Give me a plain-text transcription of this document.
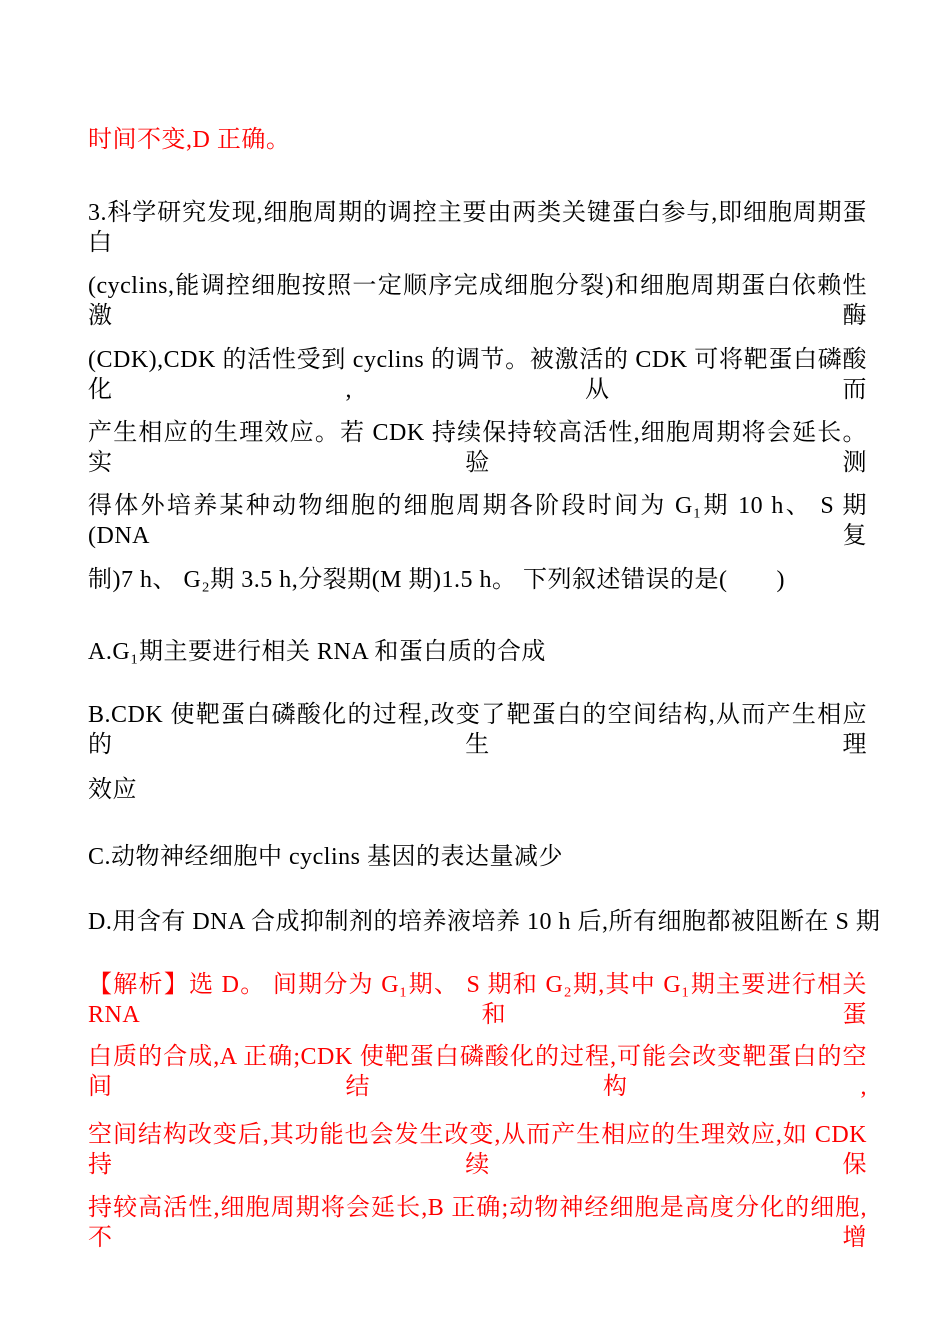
时间不变,D 正确。
3.科学研究发现,细胞周期的调控主要由两类关键蛋白参与,即细胞周期蛋白
(cyclins,能调控细胞按照一定顺序完成细胞分裂)和细胞周期蛋白依赖性激酶
(CDK),CDK 的活性受到 cyclins 的调节。被激活的 CDK 可将靶蛋白磷酸化,从而
产生相应的生理效应。若 CDK 持续保持较高活性,细胞周期将会延长。实验测
得体外培养某种动物细胞的细胞周期各阶段时间为 G₁期 10 h、 S 期(DNA 复
制)7 h、 G₂期 3.5 h,分裂期(M 期)1.5 h。 下列叙述错误的是(　　)
A.G₁期主要进行相关 RNA 和蛋白质的合成
B.CDK 使靶蛋白磷酸化的过程,改变了靶蛋白的空间结构,从而产生相应的生理
效应
C.动物神经细胞中 cyclins 基因的表达量减少
D.用含有 DNA 合成抑制剂的培养液培养 10 h 后,所有细胞都被阻断在 S 期
【解析】选 D。 间期分为 G₁期、 S 期和 G₂期,其中 G₁期主要进行相关 RNA 和蛋
白质的合成,A 正确;CDK 使靶蛋白磷酸化的过程,可能会改变靶蛋白的空间结构,
空间结构改变后,其功能也会发生改变,从而产生相应的生理效应,如 CDK 持续保
持较高活性,细胞周期将会延长,B 正确;动物神经细胞是高度分化的细胞,不增
